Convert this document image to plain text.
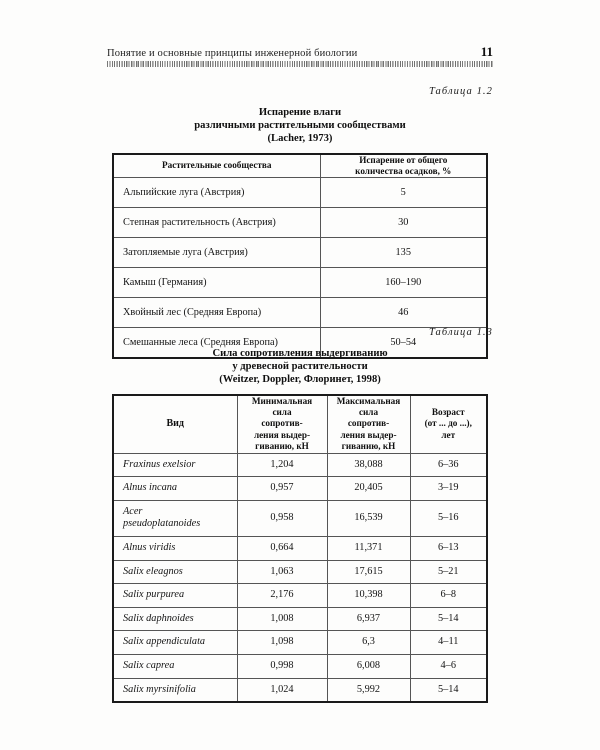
Понятие и основные принципы инженерной биологии	11
Таблица 1.2
Испарение влаги
различными растительными сообществами
(Lacher, 1973)
Растительные сообщества	Испарение от общего
количества осадков, %
Альпийские луга (Австрия)	5
Степная растительность (Австрия)	30
Затопляемые луга (Австрия)	135
Камыш (Германия)	160–190
Хвойный лес (Средняя Европа)	46
Смешанные леса (Средняя Европа)	50–54
Таблица 1.3
Сила сопротивления выдергиванию
у древесной растительности
(Weitzer, Doppler, Флоринет, 1998)
Вид	Минимальная
сила
сопротив-
ления выдер-
гиванию, кН	Максимальная
сила
сопротив-
ления выдер-
гиванию, кН	Возраст
(от ... до ...),
лет
Fraxinus exelsior	1,204	38,088	6–36
Alnus incana	0,957	20,405	3–19
Acer
pseudoplatanoides	0,958	16,539	5–16
Alnus viridis	0,664	11,371	6–13
Salix eleagnos	1,063	17,615	5–21
Salix purpurea	2,176	10,398	6–8
Salix daphnoides	1,008	6,937	5–14
Salix appendiculata	1,098	6,3	4–11
Salix caprea	0,998	6,008	4–6
Salix myrsinifolia	1,024	5,992	5–14
